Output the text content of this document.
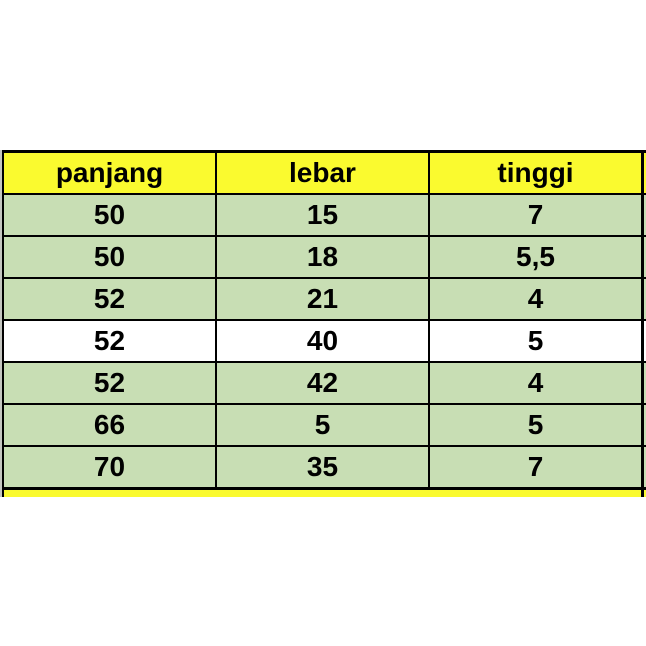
panjang	lebar	tinggi
50	15	7
50	18	5,5
52	21	4
52	40	5
52	42	4
66	5	5
70	35	7
